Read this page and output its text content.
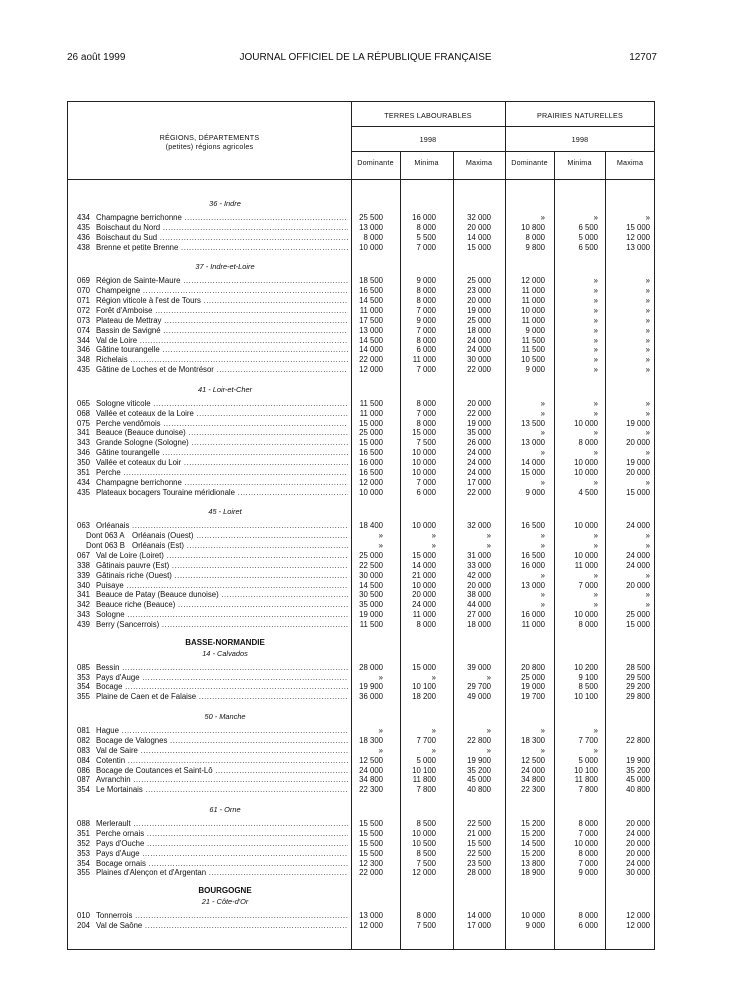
26 août 1999	JOURNAL OFFICIEL DE LA RÉPUBLIQUE FRANÇAISE	12707
RÉGIONS, DÉPARTEMENTS
(petites) régions agricoles
TERRES LABOURABLES	PRAIRIES NATURELLES
1998	1998
Dominante	Minima	Maxima	Dominante	Minima	Maxima
36 - Indre
434 Champagne berrichonne .....	25 500	16 000	32 000	»	»	»
435 Boischaut du Nord .....	13 000	8 000	20 000	10 800	6 500	15 000
436 Boischaut du Sud .....	8 000	5 500	14 000	8 000	5 000	12 000
438 Brenne et petite Brenne .....	10 000	7 000	15 000	9 800	6 500	13 000
37 - Indre-et-Loire
069 Région de Sainte-Maure .....	18 500	9 000	25 000	12 000	»	»
070 Champeigne .....	16 500	8 000	23 000	11 000	»	»
071 Région viticole à l'est de Tours .....	14 500	8 000	20 000	11 000	»	»
072 Forêt d'Amboise .....	11 000	7 000	19 000	10 000	»	»
073 Plateau de Mettray .....	17 500	9 000	25 000	11 000	»	»
074 Bassin de Savigné .....	13 000	7 000	18 000	9 000	»	»
344 Val de Loire .....	14 500	8 000	24 000	11 500	»	»
346 Gâtine tourangelle .....	14 000	6 000	24 000	11 500	»	»
348 Richelais .....	22 000	11 000	30 000	10 500	»	»
435 Gâtine de Loches et de Montrésor .....	12 000	7 000	22 000	9 000	»	»
41 - Loir-et-Cher
065 Sologne viticole .....	11 500	8 000	20 000	»	»	»
068 Vallée et coteaux de la Loire .....	11 000	7 000	22 000	»	»	»
075 Perche vendômois .....	15 000	8 000	19 000	13 500	10 000	19 000
341 Beauce (Beauce dunoise) .....	25 000	15 000	35 000	»	»	»
343 Grande Sologne (Sologne) .....	15 000	7 500	26 000	13 000	8 000	20 000
346 Gâtine tourangelle .....	16 500	10 000	24 000	»	»	»
350 Vallée et coteaux du Loir .....	16 000	10 000	24 000	14 000	10 000	19 000
351 Perche .....	16 500	10 000	24 000	15 000	10 000	20 000
434 Champagne berrichonne .....	12 000	7 000	17 000	»	»	»
435 Plateaux bocagers Touraine méridionale .....	10 000	6 000	22 000	9 000	4 500	15 000
45 - Loiret
063 Orléanais .....	18 400	10 000	32 000	16 500	10 000	24 000
Dont 063 A Orléanais (Ouest) .....	»	»	»	»	»	»
Dont 063 B Orléanais (Est) .....	»	»	»	»	»	»
067 Val de Loire (Loiret) .....	25 000	15 000	31 000	16 500	10 000	24 000
338 Gâtinais pauvre (Est) .....	22 500	14 000	33 000	16 000	11 000	24 000
339 Gâtinais riche (Ouest) .....	30 000	21 000	42 000	»	»	»
340 Puisaye .....	14 500	10 000	20 000	13 000	7 000	20 000
341 Beauce de Patay (Beauce dunoise) .....	30 500	20 000	38 000	»	»	»
342 Beauce riche (Beauce) .....	35 000	24 000	44 000	»	»	»
343 Sologne .....	19 000	11 000	27 000	16 000	10 000	25 000
439 Berry (Sancerrois) .....	11 500	8 000	18 000	11 000	8 000	15 000
BASSE-NORMANDIE
14 - Calvados
085 Bessin .....	28 000	15 000	39 000	20 800	10 200	28 500
353 Pays d'Auge .....	»	»	»	25 000	9 100	29 500
354 Bocage .....	19 900	10 100	29 700	19 000	8 500	29 200
355 Plaine de Caen et de Falaise .....	36 000	18 200	49 000	19 700	10 100	29 800
50 - Manche
081 Hague .....	»	»	»	»	»
082 Bocage de Valognes .....	18 300	7 700	22 800	18 300	7 700	22 800
083 Val de Saire .....	»	»	»	»	»
084 Cotentin .....	12 500	5 000	19 900	12 500	5 000	19 900
086 Bocage de Coutances et Saint-Lô .....	24 000	10 100	35 200	24 000	10 100	35 200
087 Avranchin .....	34 800	11 800	45 000	34 800	11 800	45 000
354 Le Mortainais .....	22 300	7 800	40 800	22 300	7 800	40 800
61 - Orne
088 Merlerault .....	15 500	8 500	22 500	15 200	8 000	20 000
351 Perche ornais .....	15 500	10 000	21 000	15 200	7 000	24 000
352 Pays d'Ouche .....	15 500	10 500	15 500	14 500	10 000	20 000
353 Pays d'Auge .....	15 500	8 500	22 500	15 200	8 000	20 000
354 Bocage ornais .....	12 300	7 500	23 500	13 800	7 000	24 000
355 Plaines d'Alençon et d'Argentan .....	22 000	12 000	28 000	18 900	9 000	30 000
BOURGOGNE
21 - Côte-d'Or
010 Tonnerrois .....	13 000	8 000	14 000	10 000	8 000	12 000
204 Val de Saône .....	12 000	7 500	17 000	9 000	6 000	12 000
